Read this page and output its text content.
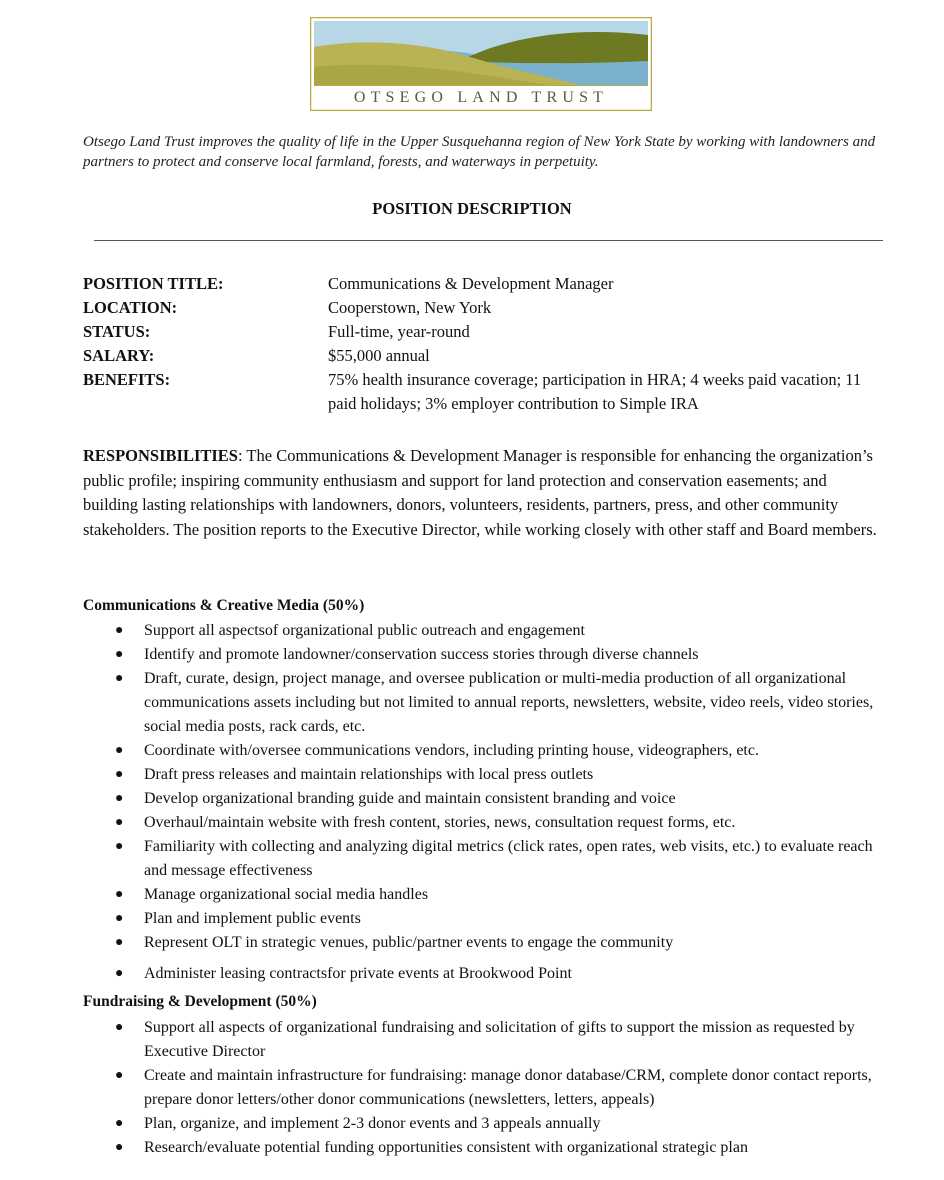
OTSEGO LAND TRUST
Otsego Land Trust improves the quality of life in the Upper Susquehanna region of New York State by working with landowners and partners to protect and conserve local farmland, forests, and waterways in perpetuity.
POSITION DESCRIPTION
POSITION TITLE:	Communications & Development Manager
LOCATION:	Cooperstown, New York
STATUS:	Full-time, year-round
SALARY:	$55,000 annual
BENEFITS:	75% health insurance coverage; participation in HRA; 4 weeks paid vacation; 11 paid holidays; 3% employer contribution to Simple IRA
RESPONSIBILITIES: The Communications & Development Manager is responsible for enhancing the organization’s public profile; inspiring community enthusiasm and support for land protection and conservation easements; and building lasting relationships with landowners, donors, volunteers, residents, partners, press, and other community stakeholders. The position reports to the Executive Director, while working closely with other staff and Board members.
Communications & Creative Media (50%)
● Support all aspectsof organizational public outreach and engagement
● Identify and promote landowner/conservation success stories through diverse channels
● Draft, curate, design, project manage, and oversee publication or multi-media production of all organizational communications assets including but not limited to annual reports, newsletters, website, video reels, video stories, social media posts, rack cards, etc.
● Coordinate with/oversee communications vendors, including printing house, videographers, etc.
● Draft press releases and maintain relationships with local press outlets
● Develop organizational branding guide and maintain consistent branding and voice
● Overhaul/maintain website with fresh content, stories, news, consultation request forms, etc.
● Familiarity with collecting and analyzing digital metrics (click rates, open rates, web visits, etc.) to evaluate reach and message effectiveness
● Manage organizational social media handles
● Plan and implement public events
● Represent OLT in strategic venues, public/partner events to engage the community
● Administer leasing contractsfor private events at Brookwood Point
Fundraising & Development (50%)
● Support all aspects of organizational fundraising and solicitation of gifts to support the mission as requested by Executive Director
● Create and maintain infrastructure for fundraising: manage donor database/CRM, complete donor contact reports, prepare donor letters/other donor communications (newsletters, letters, appeals)
● Plan, organize, and implement 2-3 donor events and 3 appeals annually
● Research/evaluate potential funding opportunities consistent with organizational strategic plan
